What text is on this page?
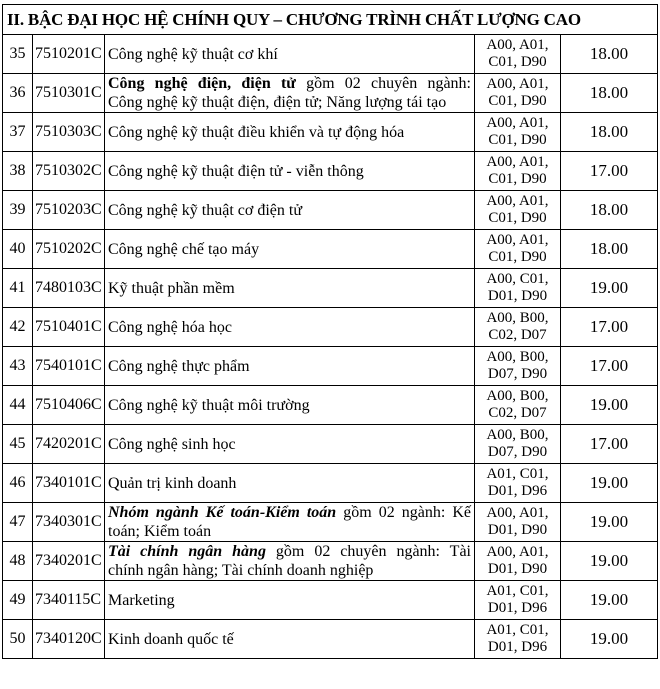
II. BẬC ĐẠI HỌC HỆ CHÍNH QUY – CHƯƠNG TRÌNH CHẤT LƯỢNG CAO				
35	7510201C	Công nghệ kỹ thuật cơ khí	A00, A01,
C01, D90	18.00
36	7510301C	Công nghệ điện, điện tử gồm 02 chuyên ngành:
Công nghệ kỹ thuật điện, điện tử; Năng lượng tái tạo	A00, A01,
C01, D90	18.00
37	7510303C	Công nghệ kỹ thuật điều khiển và tự động hóa	A00, A01,
C01, D90	18.00
38	7510302C	Công nghệ kỹ thuật điện tử - viễn thông	A00, A01,
C01, D90	17.00
39	7510203C	Công nghệ kỹ thuật cơ điện tử	A00, A01,
C01, D90	18.00
40	7510202C	Công nghệ chế tạo máy	A00, A01,
C01, D90	18.00
41	7480103C	Kỹ thuật phần mềm	A00, C01,
D01, D90	19.00
42	7510401C	Công nghệ hóa học	A00, B00,
C02, D07	17.00
43	7540101C	Công nghệ thực phẩm	A00, B00,
D07, D90	17.00
44	7510406C	Công nghệ kỹ thuật môi trường	A00, B00,
C02, D07	19.00
45	7420201C	Công nghệ sinh học	A00, B00,
D07, D90	17.00
46	7340101C	Quản trị kinh doanh	A01, C01,
D01, D96	19.00
47	7340301C	Nhóm ngành Kế toán-Kiểm toán gồm 02 ngành: Kế
toán; Kiểm toán	A00, A01,
D01, D90	19.00
48	7340201C	Tài chính ngân hàng gồm 02 chuyên ngành: Tài
chính ngân hàng; Tài chính doanh nghiệp	A00, A01,
D01, D90	19.00
49	7340115C	Marketing	A01, C01,
D01, D96	19.00
50	7340120C	Kinh doanh quốc tế	A01, C01,
D01, D96	19.00
